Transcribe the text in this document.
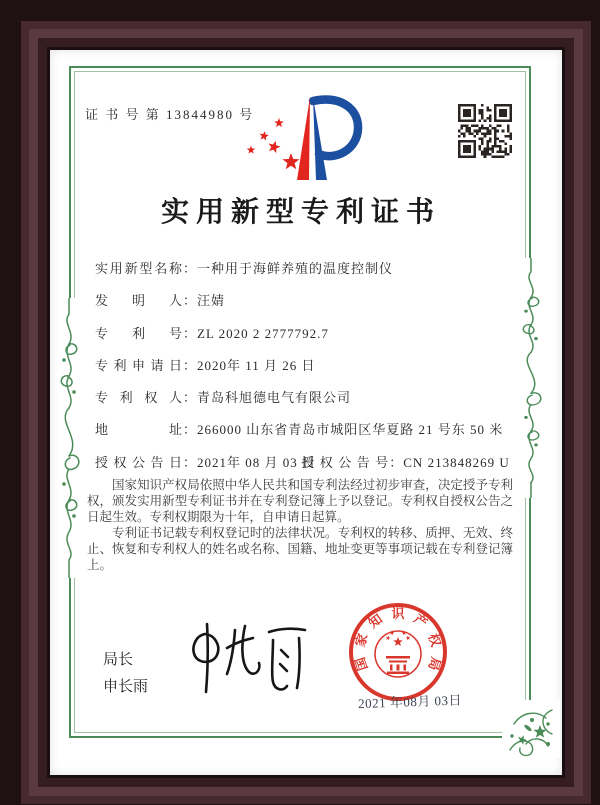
证 书 号 第 13844980 号
实用新型专利证书
实用新型名称：一种用于海鲜养殖的温度控制仪
发明人：汪婧
专利号：ZL 2020 2 2777792.7
专利申请日：2020年 11 月 26 日
专利权人：青岛科旭德电气有限公司
地址：266000 山东省青岛市城阳区华夏路 21 号东 50 米
授权公告日：2021年 08 月 03 日 授权公告号：CN 213848269 U

国家知识产权局依照中华人民共和国专利法经过初步审查，决定授予专利权，颁发实用新型专利证书并在专利登记簿上予以登记。专利权自授权公告之日起生效。专利权期限为十年，自申请日起算。

专利证书记载专利权登记时的法律状况。专利权的转移、质押、无效、终止、恢复和专利权人的姓名或名称、国籍、地址变更等事项记载在专利登记簿上。

局长
申长雨
国
家
知 识 产
权
局
2021 年08月 03日
